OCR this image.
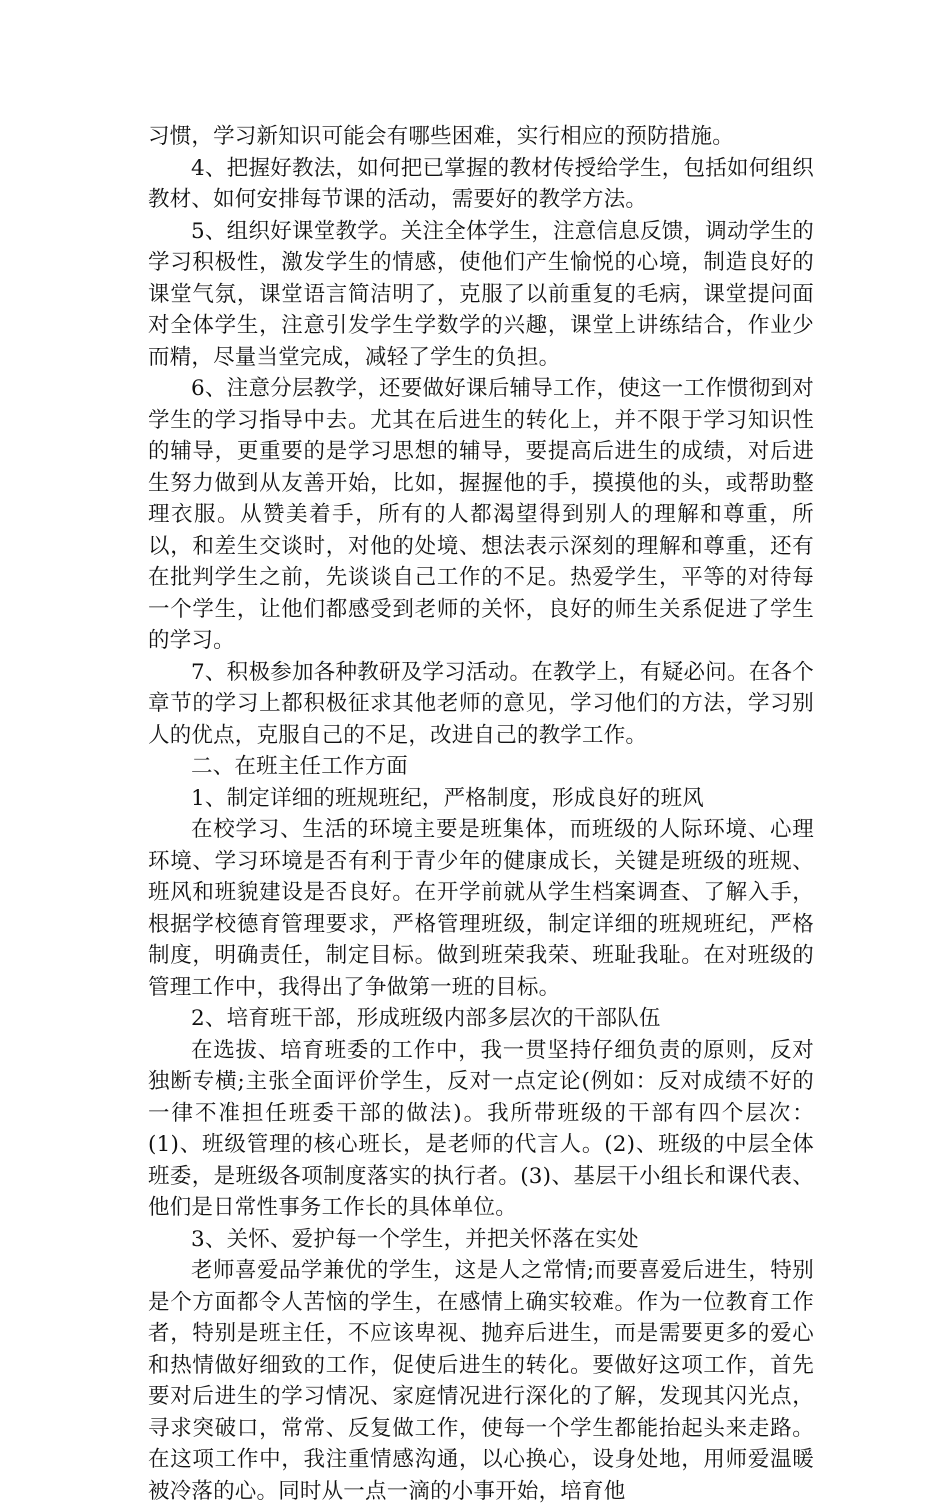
习惯，学习新知识可能会有哪些困难，实行相应的预防措施。

4、把握好教法，如何把已掌握的教材传授给学生，包括如何组织教材、如何安排每节课的活动，需要好的教学方法。

5、组织好课堂教学。关注全体学生，注意信息反馈，调动学生的学习积极性，激发学生的情感，使他们产生愉悦的心境，制造良好的课堂气氛，课堂语言简洁明了，克服了以前重复的毛病，课堂提问面对全体学生，注意引发学生学数学的兴趣，课堂上讲练结合，作业少而精，尽量当堂完成，减轻了学生的负担。

6、注意分层教学，还要做好课后辅导工作，使这一工作惯彻到对学生的学习指导中去。尤其在后进生的转化上，并不限于学习知识性的辅导，更重要的是学习思想的辅导，要提高后进生的成绩，对后进生努力做到从友善开始，比如，握握他的手，摸摸他的头，或帮助整理衣服。从赞美着手，所有的人都渴望得到别人的理解和尊重，所以，和差生交谈时，对他的处境、想法表示深刻的理解和尊重，还有在批判学生之前，先谈谈自己工作的不足。热爱学生，平等的对待每一个学生，让他们都感受到老师的关怀，良好的师生关系促进了学生的学习。

7、积极参加各种教研及学习活动。在教学上，有疑必问。在各个章节的学习上都积极征求其他老师的意见，学习他们的方法，学习别人的优点，克服自己的不足，改进自己的教学工作。

二、在班主任工作方面

1、制定详细的班规班纪，严格制度，形成良好的班风

在校学习、生活的环境主要是班集体，而班级的人际环境、心理环境、学习环境是否有利于青少年的健康成长，关键是班级的班规、班风和班貌建设是否良好。在开学前就从学生档案调查、了解入手，根据学校德育管理要求，严格管理班级，制定详细的班规班纪，严格制度，明确责任，制定目标。做到班荣我荣、班耻我耻。在对班级的管理工作中，我得出了争做第一班的目标。

2、培育班干部，形成班级内部多层次的干部队伍

在选拔、培育班委的工作中，我一贯坚持仔细负责的原则，反对独断专横;主张全面评价学生，反对一点定论(例如：反对成绩不好的一律不准担任班委干部的做法)。我所带班级的干部有四个层次：(1)、班级管理的核心班长，是老师的代言人。(2)、班级的中层全体班委，是班级各项制度落实的执行者。(3)、基层干小组长和课代表、他们是日常性事务工作长的具体单位。

3、关怀、爱护每一个学生，并把关怀落在实处

老师喜爱品学兼优的学生，这是人之常情;而要喜爱后进生，特别是个方面都令人苦恼的学生，在感情上确实较难。作为一位教育工作者，特别是班主任，不应该卑视、抛弃后进生，而是需要更多的爱心和热情做好细致的工作，促使后进生的转化。要做好这项工作，首先要对后进生的学习情况、家庭情况进行深化的了解，发现其闪光点，寻求突破口，常常、反复做工作，使每一个学生都能抬起头来走路。在这项工作中，我注重情感沟通，以心换心，设身处地，用师爱温暖被冷落的心。同时从一点一滴的小事开始，培育他
